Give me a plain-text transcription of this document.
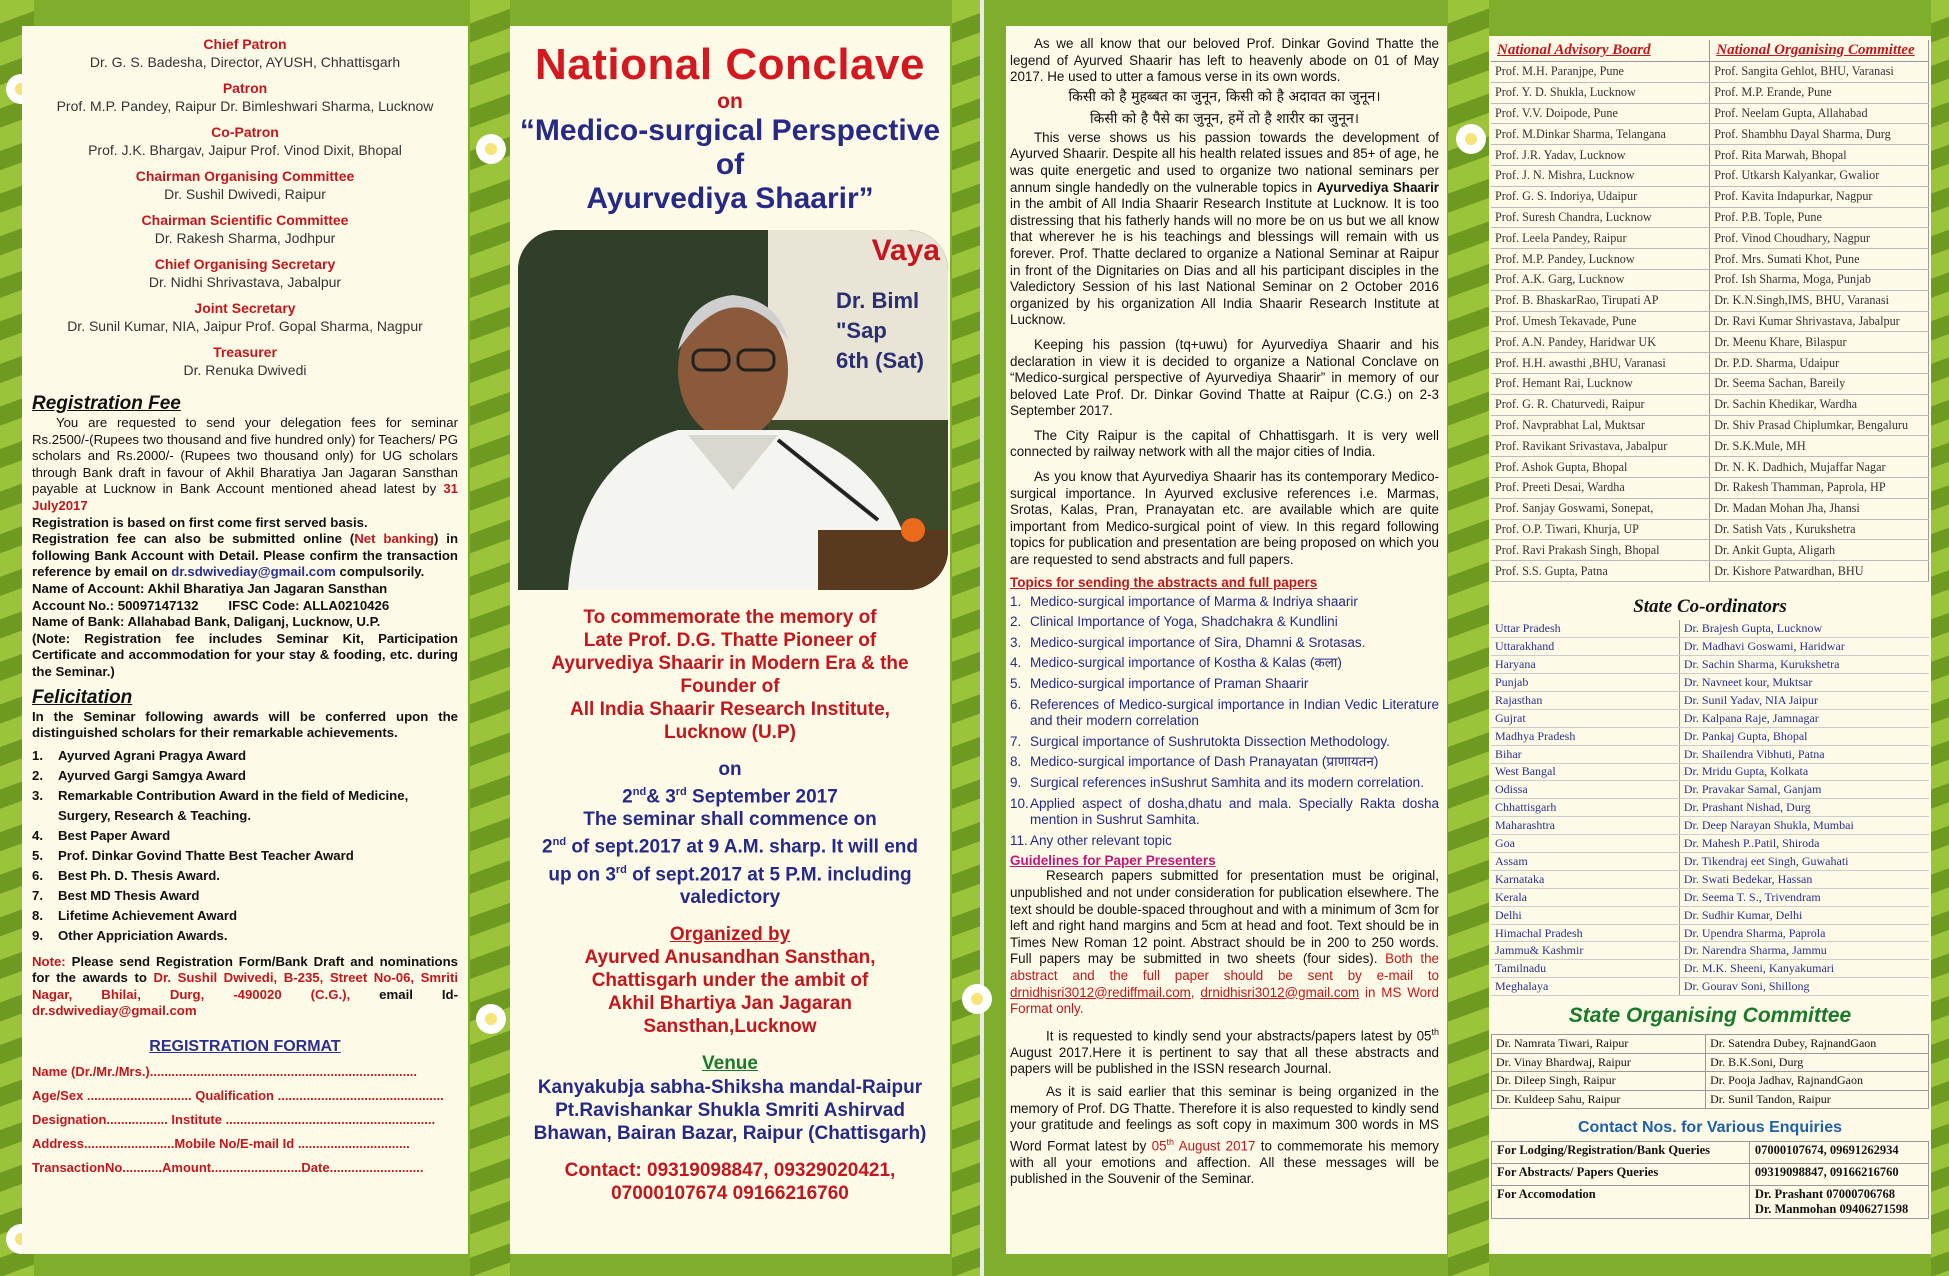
Chief Patron
Dr. G. S. Badesha, Director, AYUSH, Chhattisgarh
Patron
Prof. M.P. Pandey, Raipur Dr. Bimleshwari Sharma, Lucknow
Co-Patron
Prof. J.K. Bhargav, Jaipur Prof. Vinod Dixit, Bhopal
Chairman Organising Committee
Dr. Sushil Dwivedi, Raipur
Chairman Scientific Committee
Dr. Rakesh Sharma, Jodhpur
Chief Organising Secretary
Dr. Nidhi Shrivastava, Jabalpur
Joint Secretary
Dr. Sunil Kumar, NIA, Jaipur Prof. Gopal Sharma, Nagpur
Treasurer
Dr. Renuka Dwivedi
Registration Fee
You are requested to send your delegation fees for seminar Rs.2500/-(Rupees two thousand and five hundred only) for Teachers/ PG scholars and Rs.2000/- (Rupees two thousand only) for UG scholars through Bank draft in favour of Akhil Bharatiya Jan Jagaran Sansthan payable at Lucknow in Bank Account mentioned ahead latest by 31 July2017
Registration is based on first come first served basis.
Registration fee can also be submitted online (Net banking) in following Bank Account with Detail. Please confirm the transaction reference by email on dr.sdwivediay@gmail.com compulsorily.
Name of Account: Akhil Bharatiya Jan Jagaran Sansthan
Account No.: 50097147132 IFSC Code: ALLA0210426
Name of Bank: Allahabad Bank, Daliganj, Lucknow, U.P.
(Note: Registration fee includes Seminar Kit, Participation Certificate and accommodation for your stay & fooding, etc. during the Seminar.)
Felicitation
In the Seminar following awards will be conferred upon the distinguished scholars for their remarkable achievements.
1.	Ayurved Agrani Pragya Award
2.	Ayurved Gargi Samgya Award
3.	Remarkable Contribution Award in the field of Medicine, Surgery, Research & Teaching.
4.	Best Paper Award
5.	Prof. Dinkar Govind Thatte Best Teacher Award
6.	Best Ph. D. Thesis Award.
7.	Best MD Thesis Award
8.	Lifetime Achievement Award
9.	Other Appriciation Awards.
Note: Please send Registration Form/Bank Draft and nominations for the awards to Dr. Sushil Dwivedi, B-235, Street No-06, Smriti Nagar, Bhilai, Durg, -490020 (C.G.), email Id- dr.sdwivediay@gmail.com
REGISTRATION FORMAT
Name (Dr./Mr./Mrs.)..........................................................................
Age/Sex ............................. Qualification ..............................................
Designation................. Institute ..........................................................
Address.........................Mobile No/E-mail Id ...............................
TransactionNo...........Amount.........................Date..........................
National Conclave
on
“Medico-surgical Perspective
of
Ayurvediya Shaarir”
Vaya
Dr. Biml
"Sap
6th (Sat)
To commemorate the memory of
Late Prof. D.G. Thatte Pioneer of
Ayurvediya Shaarir in Modern Era & the
Founder of
All India Shaarir Research Institute,
Lucknow (U.P)
on
2nd& 3rd September 2017
The seminar shall commence on
2nd of sept.2017 at 9 A.M. sharp. It will end
up on 3rd of sept.2017 at 5 P.M. including
valedictory
Organized by
Ayurved Anusandhan Sansthan,
Chattisgarh under the ambit of
Akhil Bhartiya Jan Jagaran
Sansthan,Lucknow
Venue
Kanyakubja sabha-Shiksha mandal-Raipur
Pt.Ravishankar Shukla Smriti Ashirvad
Bhawan, Bairan Bazar, Raipur (Chattisgarh)
Contact: 09319098847, 09329020421,
07000107674 09166216760
As we all know that our beloved Prof. Dinkar Govind Thatte the legend of Ayurved Shaarir has left to heavenly abode on 01 of May 2017. He used to utter a famous verse in its own words.
किसी को है मुहब्बत का जुनून, किसी को है अदावत का जुनून।
किसी को है पैसे का जुनून, हमें तो है शारीर का जुनून।
This verse shows us his passion towards the development of Ayurved Shaarir. Despite all his health related issues and 85+ of age, he was quite energetic and used to organize two national seminars per annum single handedly on the vulnerable topics in Ayurvediya Shaarir in the ambit of All India Shaarir Research Institute at Lucknow. It is too distressing that his fatherly hands will no more be on us but we all know that wherever he is his teachings and blessings will remain with us forever. Prof. Thatte declared to organize a National Seminar at Raipur in front of the Dignitaries on Dias and all his participant disciples in the Valedictory Session of his last National Seminar on 2 October 2016 organized by his organization All India Shaarir Research Institute at Lucknow.
Keeping his passion (tq+uwu) for Ayurvediya Shaarir and his declaration in view it is decided to organize a National Conclave on “Medico-surgical perspective of Ayurvediya Shaarir” in memory of our beloved Late Prof. Dr. Dinkar Govind Thatte at Raipur (C.G.) on 2-3 September 2017.
The City Raipur is the capital of Chhattisgarh. It is very well connected by railway network with all the major cities of India.
As you know that Ayurvediya Shaarir has its contemporary Medico-surgical importance. In Ayurved exclusive references i.e. Marmas, Srotas, Kalas, Pran, Pranayatan etc. are available which are quite important from Medico-surgical point of view. In this regard following topics for publication and presentation are being proposed on which you are requested to send abstracts and full papers.
Topics for sending the abstracts and full papers
1. Medico-surgical importance of Marma & Indriya shaarir
2. Clinical Importance of Yoga, Shadchakra & Kundlini
3. Medico-surgical importance of Sira, Dhamni & Srotasas.
4. Medico-surgical importance of Kostha & Kalas (कला)
5. Medico-surgical importance of Praman Shaarir
6. References of Medico-surgical importance in Indian Vedic Literature and their modern correlation
7. Surgical importance of Sushrutokta Dissection Methodology.
8. Medico-surgical importance of Dash Pranayatan (प्राणायतन)
9. Surgical references inSushrut Samhita and its modern correlation.
10. Applied aspect of dosha,dhatu and mala. Specially Rakta dosha mention in Sushrut Samhita.
11. Any other relevant topic
Guidelines for Paper Presenters
Research papers submitted for presentation must be original, unpublished and not under consideration for publication elsewhere. The text should be double-spaced throughout and with a minimum of 3cm for left and right hand margins and 5cm at head and foot. Text should be in Times New Roman 12 point. Abstract should be in 200 to 250 words. Full papers may be submitted in two sheets (four sides). Both the abstract and the full paper should be sent by e-mail to drnidhisri3012@rediffmail.com, drnidhisri3012@gmail.com in MS Word Format only.
It is requested to kindly send your abstracts/papers latest by 05th August 2017.Here it is pertinent to say that all these abstracts and papers will be published in the ISSN research Journal.
As it is said earlier that this seminar is being organized in the memory of Prof. DG Thatte. Therefore it is also requested to kindly send your gratitude and feelings as soft copy in maximum 300 words in MS Word Format latest by 05th August 2017 to commemorate his memory with all your emotions and affection. All these messages will be published in the Souvenir of the Seminar.
National Advisory Board	National Organising Committee
Prof. M.H. Paranjpe, Pune	Prof. Sangita Gehlot, BHU, Varanasi
Prof. Y. D. Shukla, Lucknow	Prof. M.P. Erande, Pune
Prof. V.V. Doipode, Pune	Prof. Neelam Gupta, Allahabad
Prof. M.Dinkar Sharma, Telangana	Prof. Shambhu Dayal Sharma, Durg
Prof. J.R. Yadav, Lucknow	Prof. Rita Marwah, Bhopal
Prof. J. N. Mishra, Lucknow	Prof. Utkarsh Kalyankar, Gwalior
Prof. G. S. Indoriya, Udaipur	Prof. Kavita Indapurkar, Nagpur
Prof. Suresh Chandra, Lucknow	Prof. P.B. Tople, Pune
Prof. Leela Pandey, Raipur	Prof. Vinod Choudhary, Nagpur
Prof. M.P. Pandey, Lucknow	Prof. Mrs. Sumati Khot, Pune
Prof. A.K. Garg, Lucknow	Prof. Ish Sharma, Moga, Punjab
Prof. B. BhaskarRao, Tirupati AP	Dr. K.N.Singh,IMS, BHU, Varanasi
Prof. Umesh Tekavade, Pune	Dr. Ravi Kumar Shrivastava, Jabalpur
Prof. A.N. Pandey, Haridwar UK	Dr. Meenu Khare, Bilaspur
Prof. H.H. awasthi ,BHU, Varanasi	Dr. P.D. Sharma, Udaipur
Prof. Hemant Rai, Lucknow	Dr. Seema Sachan, Bareily
Prof. G. R. Chaturvedi, Raipur	Dr. Sachin Khedikar, Wardha
Prof. Navprabhat Lal, Muktsar	Dr. Shiv Prasad Chiplumkar, Bengaluru
Prof. Ravikant Srivastava, Jabalpur	Dr. S.K.Mule, MH
Prof. Ashok Gupta, Bhopal	Dr. N. K. Dadhich, Mujaffar Nagar
Prof. Preeti Desai, Wardha	Dr. Rakesh Thamman, Paprola, HP
Prof. Sanjay Goswami, Sonepat,	Dr. Madan Mohan Jha, Jhansi
Prof. O.P. Tiwari, Khurja, UP	Dr. Satish Vats , Kurukshetra
Prof. Ravi Prakash Singh, Bhopal	Dr. Ankit Gupta, Aligarh
Prof. S.S. Gupta, Patna	Dr. Kishore Patwardhan, BHU
State Co-ordinators
Uttar Pradesh	Dr. Brajesh Gupta, Lucknow
Uttarakhand	Dr. Madhavi Goswami, Haridwar
Haryana	Dr. Sachin Sharma, Kurukshetra
Punjab	Dr. Navneet kour, Muktsar
Rajasthan	Dr. Sunil Yadav, NIA Jaipur
Gujrat	Dr. Kalpana Raje, Jamnagar
Madhya Pradesh	Dr. Pankaj Gupta, Bhopal
Bihar	Dr. Shailendra Vibhuti, Patna
West Bangal	Dr. Mridu Gupta, Kolkata
Odissa	Dr. Pravakar Samal, Ganjam
Chhattisgarh	Dr. Prashant Nishad, Durg
Maharashtra	Dr. Deep Narayan Shukla, Mumbai
Goa	Dr. Mahesh P..Patil, Shiroda
Assam	Dr. Tikendraj eet Singh, Guwahati
Karnataka	Dr. Swati Bedekar, Hassan
Kerala	Dr. Seema T. S., Trivendram
Delhi	Dr. Sudhir Kumar, Delhi
Himachal Pradesh	Dr. Upendra Sharma, Paprola
Jammu& Kashmir	Dr. Narendra Sharma, Jammu
Tamilnadu	Dr. M.K. Sheeni, Kanyakumari
Meghalaya	Dr. Gourav Soni, Shillong
State Organising Committee
Dr. Namrata Tiwari, Raipur	Dr. Satendra Dubey, RajnandGaon
Dr. Vinay Bhardwaj, Raipur	Dr. B.K.Soni, Durg
Dr. Dileep Singh, Raipur	Dr. Pooja Jadhav, RajnandGaon
Dr. Kuldeep Sahu, Raipur	Dr. Sunil Tandon, Raipur
Contact Nos. for Various Enquiries
For Lodging/Registration/Bank Queries	07000107674, 09691262934
For Abstracts/ Papers Queries	09319098847, 09166216760
For Accomodation	Dr. Prashant 07000706768
Dr. Manmohan 09406271598
